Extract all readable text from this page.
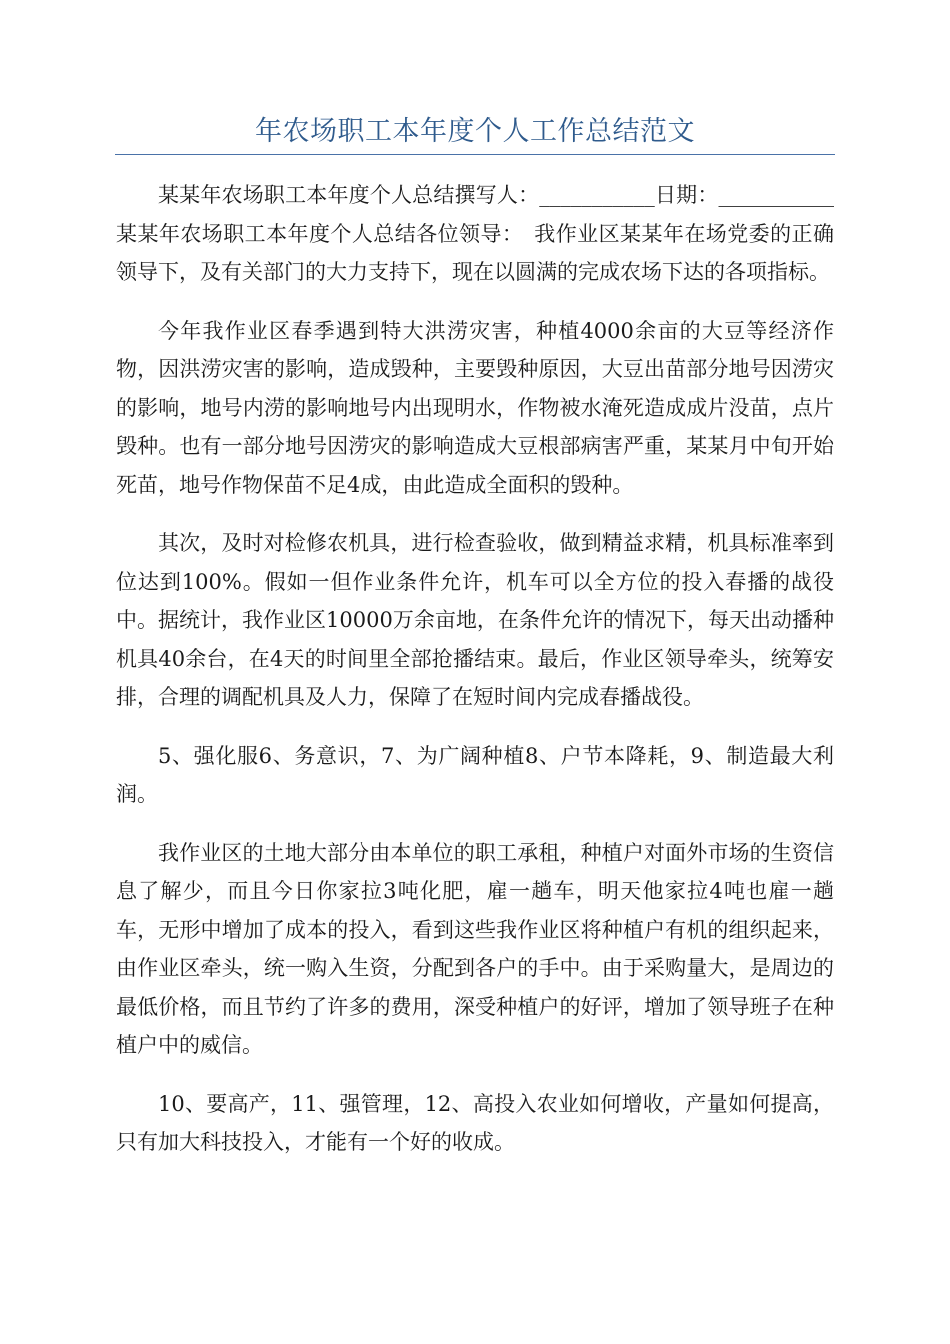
年农场职工本年度个人工作总结范文

某某年农场职工本年度个人总结撰写人：___________日期：___________某某年农场职工本年度个人总结各位领导：　我作业区某某年在场党委的正确领导下，及有关部门的大力支持下，现在以圆满的完成农场下达的各项指标。

今年我作业区春季遇到特大洪涝灾害，种植4000余亩的大豆等经济作物，因洪涝灾害的影响，造成毁种，主要毁种原因，大豆出苗部分地号因涝灾的影响，地号内涝的影响地号内出现明水，作物被水淹死造成成片没苗，点片毁种。也有一部分地号因涝灾的影响造成大豆根部病害严重，某某月中旬开始死苗，地号作物保苗不足4成，由此造成全面积的毁种。

其次，及时对检修农机具，进行检查验收，做到精益求精，机具标准率到位达到100%。假如一但作业条件允许，机车可以全方位的投入春播的战役中。据统计，我作业区10000万余亩地，在条件允许的情况下，每天出动播种机具40余台，在4天的时间里全部抢播结束。最后，作业区领导牵头，统筹安排，合理的调配机具及人力，保障了在短时间内完成春播战役。

5、强化服6、务意识，7、为广阔种植8、户节本降耗，9、制造最大利润。

我作业区的土地大部分由本单位的职工承租，种植户对面外市场的生资信息了解少，而且今日你家拉3吨化肥，雇一趟车，明天他家拉4吨也雇一趟车，无形中增加了成本的投入，看到这些我作业区将种植户有机的组织起来，由作业区牵头，统一购入生资，分配到各户的手中。由于采购量大，是周边的最低价格，而且节约了许多的费用，深受种植户的好评，增加了领导班子在种植户中的威信。

10、要高产，11、强管理，12、高投入农业如何增收，产量如何提高，只有加大科技投入，才能有一个好的收成。
